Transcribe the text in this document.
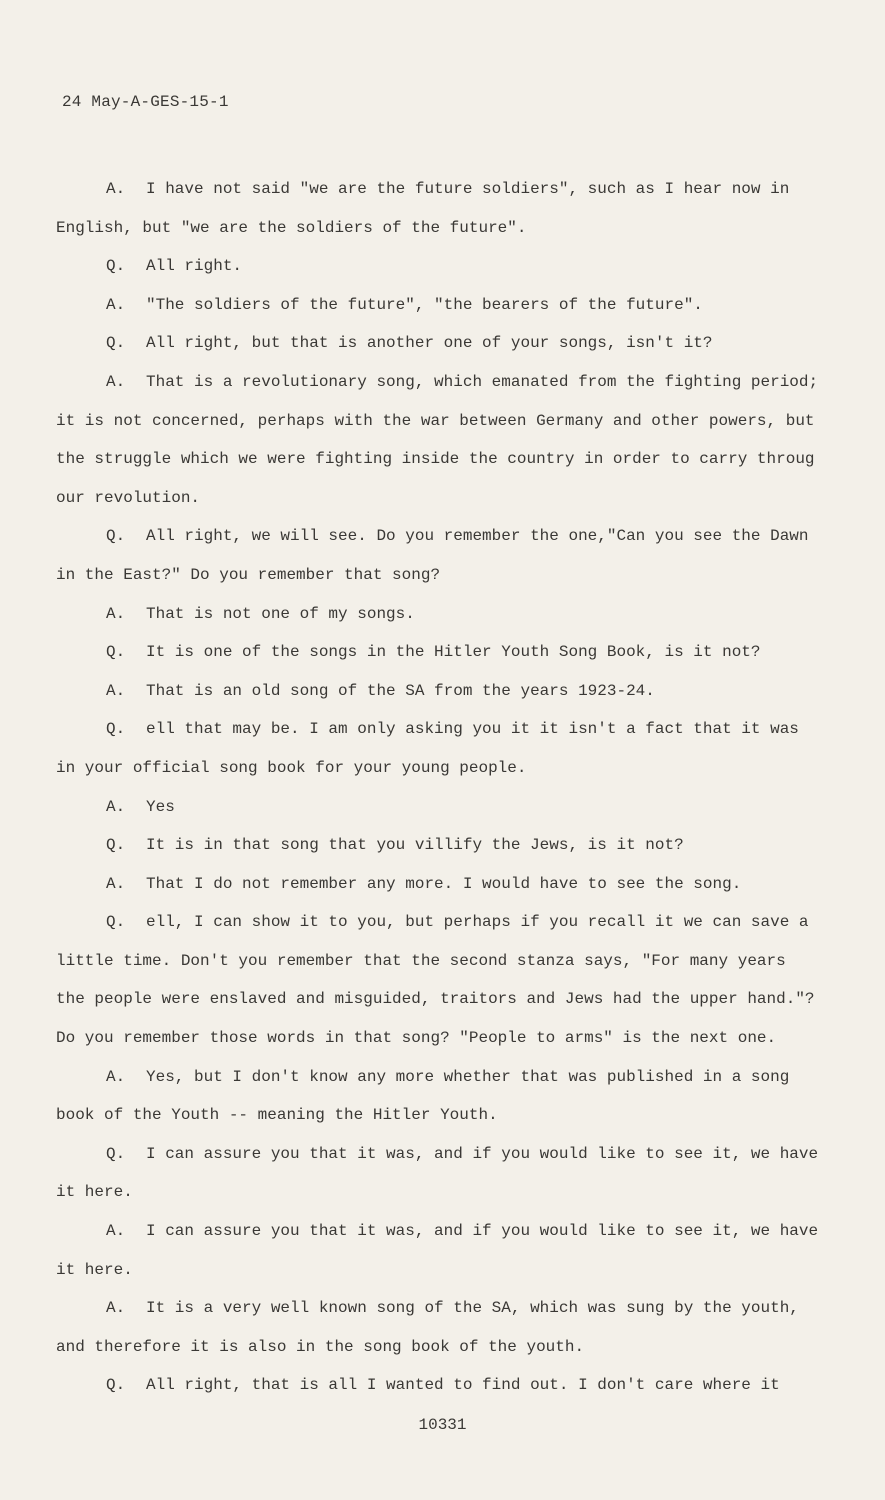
24 May-A-GES-15-1

A. I have not said "we are the future soldiers", such as I hear now in English, but "we are the soldiers of the future".

Q. All right.

A. "The soldiers of the future", "the bearers of the future".

Q. All right, but that is another one of your songs, isn't it?

A. That is a revolutionary song, which emanated from the fighting period; it is not concerned, perhaps with the war between Germany and other powers, but the struggle which we were fighting inside the country in order to carry throug our revolution.

Q. All right, we will see. Do you remember the one,"Can you see the Dawn in the East?" Do you remember that song?

A. That is not one of my songs.

Q. It is one of the songs in the Hitler Youth Song Book, is it not?

A. That is an old song of the SA from the years 1923-24.

Q. ell that may be. I am only asking you it it isn't a fact that it was in your official song book for your young people.

A. Yes

Q. It is in that song that you villify the Jews, is it not?

A. That I do not remember any more. I would have to see the song.

Q. ell, I can show it to you, but perhaps if you recall it we can save a little time. Don't you remember that the second stanza says, "For many years the people were enslaved and misguided, traitors and Jews had the upper hand."? Do you remember those words in that song? "People to arms" is the next one.

A. Yes, but I don't know any more whether that was published in a song book of the Youth -- meaning the Hitler Youth.

Q. I can assure you that it was, and if you would like to see it, we have it here.

A. I can assure you that it was, and if you would like to see it, we have it here.

A. It is a very well known song of the SA, which was sung by the youth, and therefore it is also in the song book of the youth.

Q. All right, that is all I wanted to find out. I don't care where it

10331
